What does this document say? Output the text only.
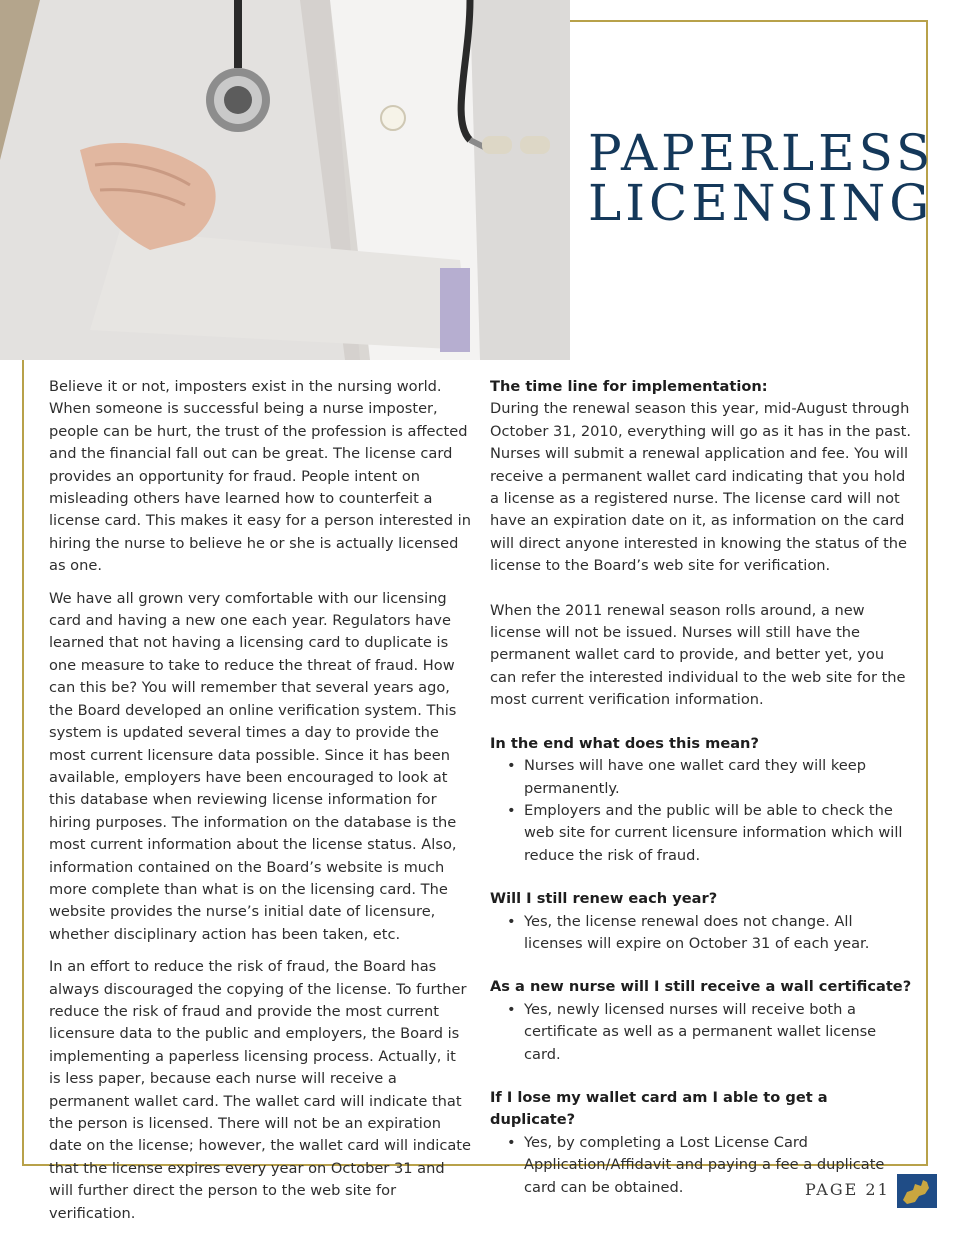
PAPERLESS
LICENSING

Believe it or not, imposters exist in the nursing world. When someone is successful being a nurse imposter, people can be hurt, the trust of the profession is affected and the financial fall out can be great. The license card provides an opportunity for fraud. People intent on misleading others have learned how to counterfeit a license card. This makes it easy for a person interested in hiring the nurse to believe he or she is actually licensed as one.

We have all grown very comfortable with our licensing card and having a new one each year. Regulators have learned that not having a licensing card to duplicate is one measure to take to reduce the threat of fraud. How can this be? You will remember that several years ago, the Board developed an online verification system. This system is updated several times a day to provide the most current licensure data possible. Since it has been available, employers have been encouraged to look at this database when reviewing license information for hiring purposes. The information on the database is the most current information about the license status. Also, information contained on the Board’s website is much more complete than what is on the licensing card. The website provides the nurse’s initial date of licensure, whether disciplinary action has been taken, etc.

In an effort to reduce the risk of fraud, the Board has always discouraged the copying of the license. To further reduce the risk of fraud and provide the most current licensure data to the public and employers, the Board is implementing a paperless licensing process. Actually, it is less paper, because each nurse will receive a permanent wallet card. The wallet card will indicate that the person is licensed. There will not be an expiration date on the license; however, the wallet card will indicate that the license expires every year on October 31 and will further direct the person to the web site for verification.

The time line for implementation:

During the renewal season this year, mid-August through October 31, 2010, everything will go as it has in the past. Nurses will submit a renewal application and fee. You will receive a permanent wallet card indicating that you hold a license as a registered nurse. The license card will not have an expiration date on it, as information on the card will direct anyone interested in knowing the status of the license to the Board’s web site for verification.

When the 2011 renewal season rolls around, a new license will not be issued. Nurses will still have the permanent wallet card to provide, and better yet, you can refer the interested individual to the web site for the most current verification information.

In the end what does this mean?
• Nurses will have one wallet card they will keep permanently.
• Employers and the public will be able to check the web site for current licensure information which will reduce the risk of fraud.
Will I still renew each year?
• Yes, the license renewal does not change. All licenses will expire on October 31 of each year.
As a new nurse will I still receive a wall certificate?
• Yes, newly licensed nurses will receive both a certificate as well as a permanent wallet license card.
If I lose my wallet card am I able to get a duplicate?
• Yes, by completing a Lost License Card Application/Affidavit and paying a fee a duplicate card can be obtained.	PAGE 21
